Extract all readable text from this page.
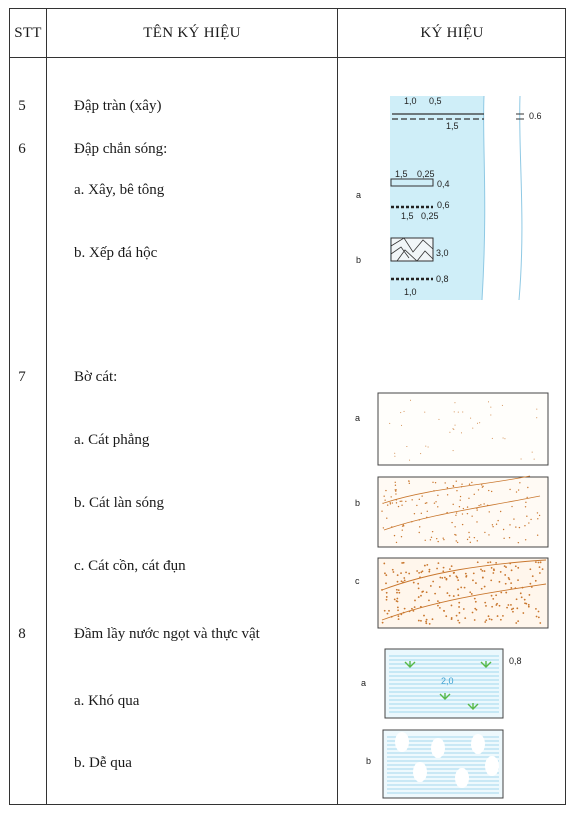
STT	TÊN KÝ HIỆU	KÝ HIỆU
5
6
7
8
Đập tràn (xây)
Đập chắn sóng:
a. Xây, bê tông
b. Xếp đá hộc
Bờ cát:
a. Cát phẳng
b. Cát làn sóng
c. Cát cồn, cát đụn
Đầm lầy nước ngọt và thực vật
a. Khó qua
b. Dễ qua
1,0 0,5
1,5
0.6
a
1,5 0,25
0,4
0,6
1,5 0,25
b
3,0
0,8
1,0
a
b
c
a
0,8
2,0
b
